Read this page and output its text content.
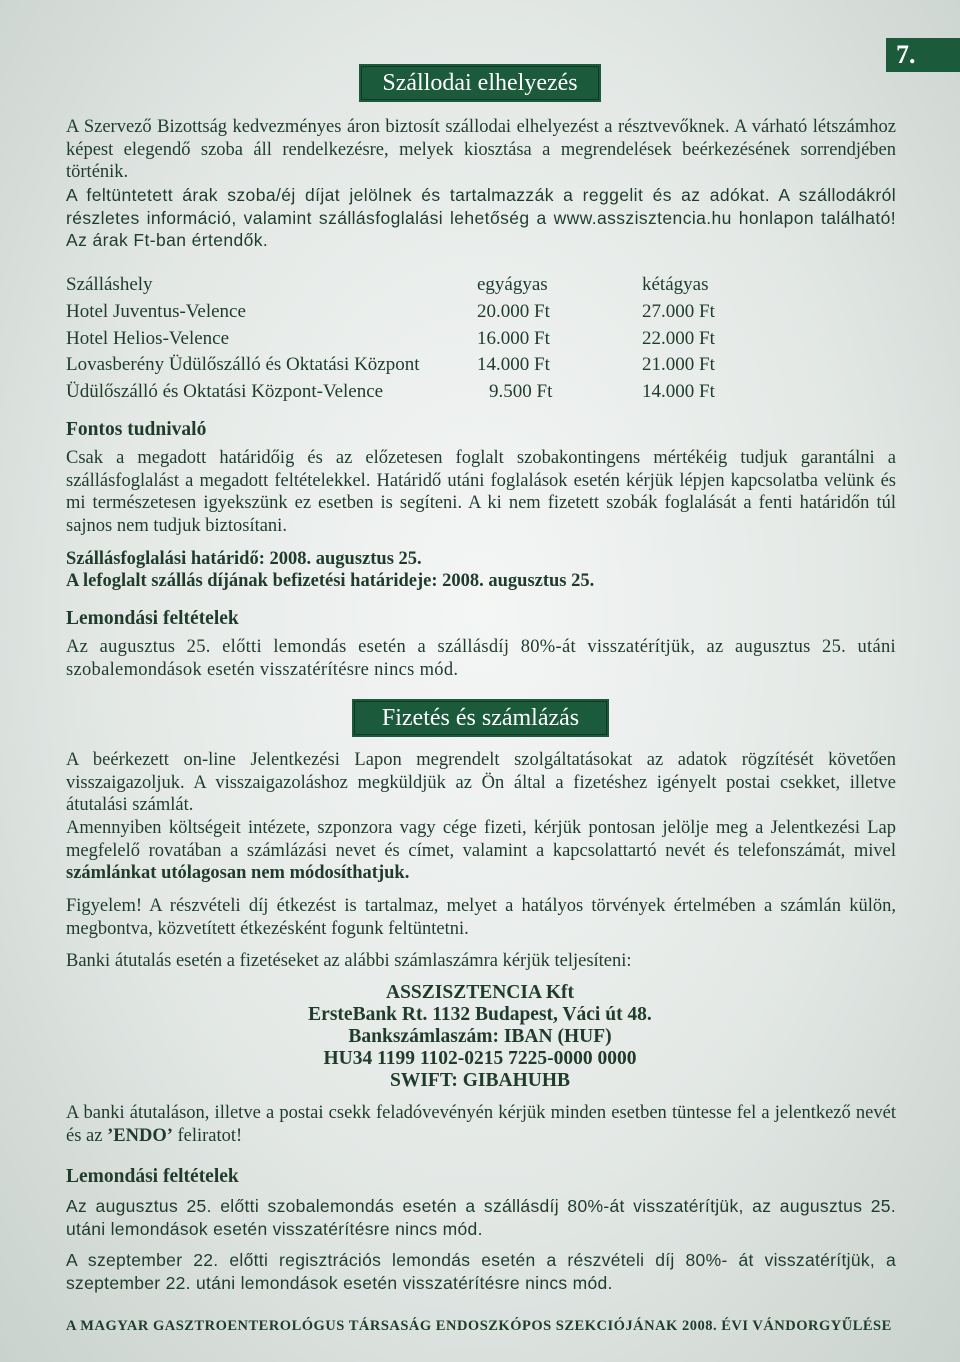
7.
Szállodai elhelyezés

A Szervező Bizottság kedvezményes áron biztosít szállodai elhelyezést a résztvevőknek. A várható létszámhoz képest elegendő szoba áll rendelkezésre, melyek kiosztása a megrendelések beérkezésének sorrendjében történik.

A feltüntetett árak szoba/éj díjat jelölnek és tartalmazzák a reggelit és az adókat. A szállodákról részletes információ, valamint szállásfoglalási lehetőség a www.asszisztencia.hu honlapon található! Az árak Ft-ban értendők.

Szálláshely	egyágyas	kétágyas
Hotel Juventus-Velence	20.000 Ft	27.000 Ft
Hotel Helios-Velence	16.000 Ft	22.000 Ft
Lovasberény Üdülőszálló és Oktatási Központ	14.000 Ft	21.000 Ft
Üdülőszálló és Oktatási Központ-Velence	9.500 Ft	14.000 Ft
Fontos tudnivaló

Csak a megadott határidőig és az előzetesen foglalt szobakontingens mértékéig tudjuk garantálni a szállásfoglalást a megadott feltételekkel. Határidő utáni foglalások esetén kérjük lépjen kapcsolatba velünk és mi természetesen igyekszünk ez esetben is segíteni. A ki nem fizetett szobák foglalását a fenti határidőn túl sajnos nem tudjuk biztosítani.

Szállásfoglalási határidő: 2008. augusztus 25.
A lefoglalt szállás díjának befizetési határideje: 2008. augusztus 25.
Lemondási feltételek

Az augusztus 25. előtti lemondás esetén a szállásdíj 80%-át visszatérítjük, az augusztus 25. utáni szobalemondások esetén visszatérítésre nincs mód.

Fizetés és számlázás

A beérkezett on-line Jelentkezési Lapon megrendelt szolgáltatásokat az adatok rögzítését követően visszaigazoljuk. A visszaigazoláshoz megküldjük az Ön által a fizetéshez igényelt postai csekket, illetve átutalási számlát.

Amennyiben költségeit intézete, szponzora vagy cége fizeti, kérjük pontosan jelölje meg a Jelentkezési Lap megfelelő rovatában a számlázási nevet és címet, valamint a kapcsolattartó nevét és telefonszámát, mivel számlánkat utólagosan nem módosíthatjuk.

Figyelem! A részvételi díj étkezést is tartalmaz, melyet a hatályos törvények értelmében a számlán külön, megbontva, közvetített étkezésként fogunk feltüntetni.

Banki átutalás esetén a fizetéseket az alábbi számlaszámra kérjük teljesíteni:

ASSZISZTENCIA Kft
ErsteBank Rt. 1132 Budapest, Váci út 48.
Bankszámlaszám: IBAN (HUF)
HU34 1199 1102-0215 7225-0000 0000
SWIFT: GIBAHUHB

A banki átutaláson, illetve a postai csekk feladóvevényén kérjük minden esetben tüntesse fel a jelentkező nevét és az ’ENDO’ feliratot!

Lemondási feltételek

Az augusztus 25. előtti szobalemondás esetén a szállásdíj 80%-át visszatérítjük, az augusztus 25. utáni lemondások esetén visszatérítésre nincs mód.

A szeptember 22. előtti regisztrációs lemondás esetén a részvételi díj 80%- át visszatérítjük, a szeptember 22. utáni lemondások esetén visszatérítésre nincs mód.

A MAGYAR GASZTROENTEROLÓGUS TÁRSASÁG ENDOSZKÓPOS SZEKCIÓJÁNAK 2008. ÉVI VÁNDORGYŰLÉSE
